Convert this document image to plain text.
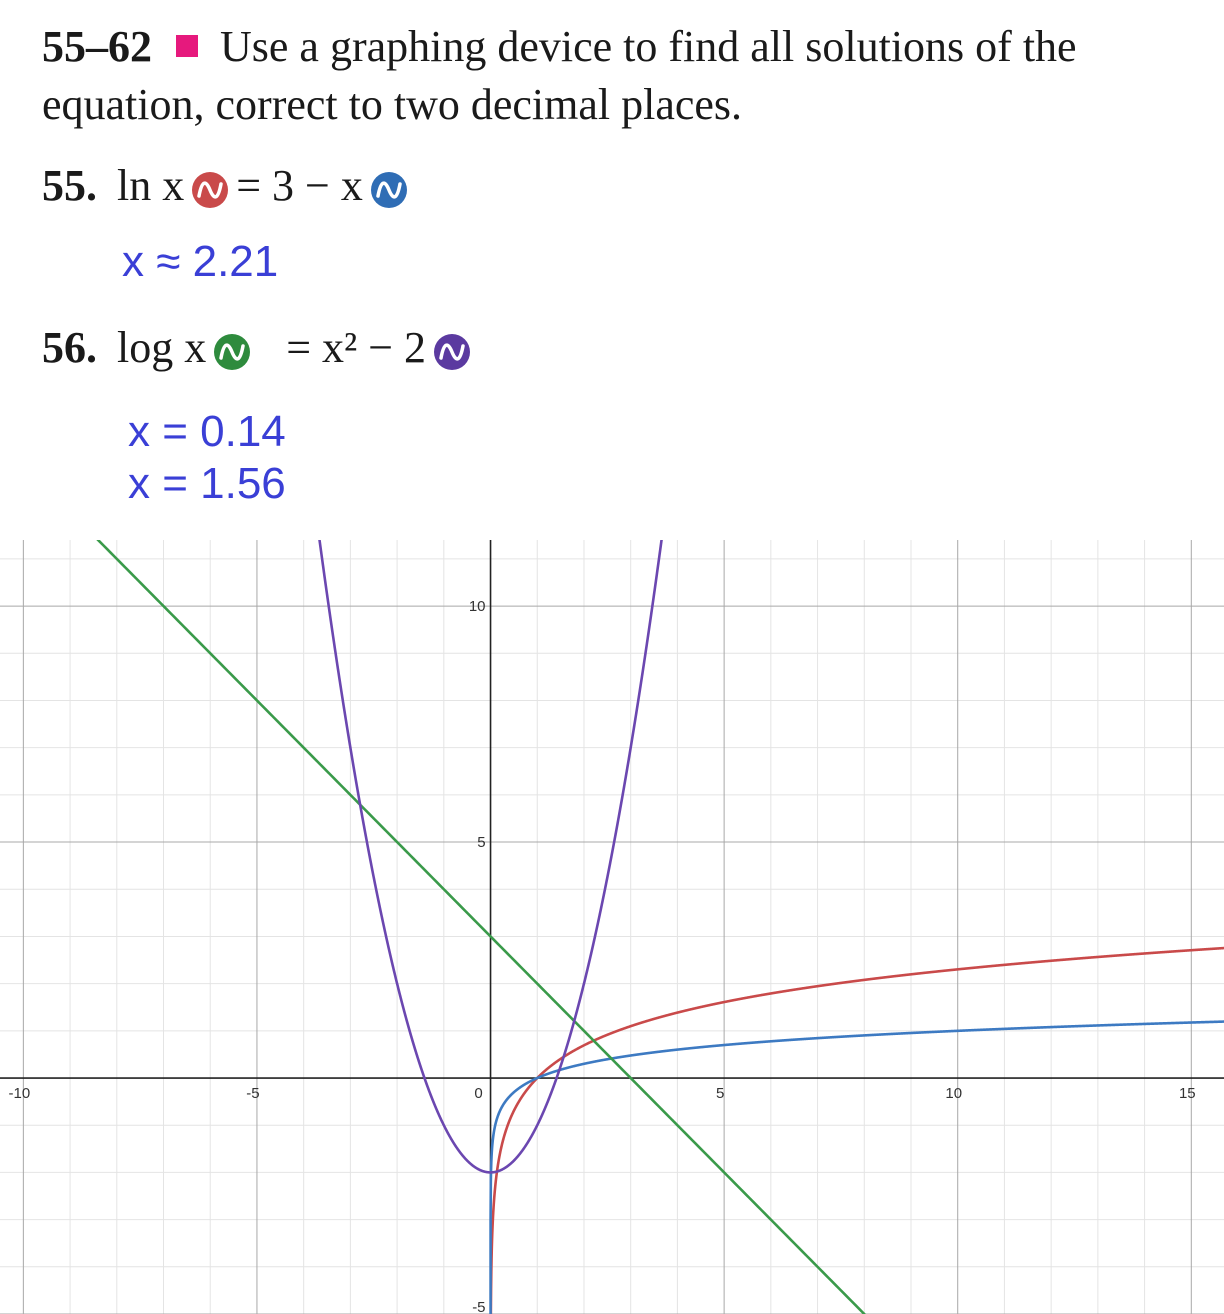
55–62 Use a graphing device to find all solutions of the equation, correct to two decimal places.
55. ln x = 3 − x
x ≈ 2.21
56. log x = x² − 2
x = 0.14
x = 1.56
-10	-5	0	5	10	15
-5
5
10
